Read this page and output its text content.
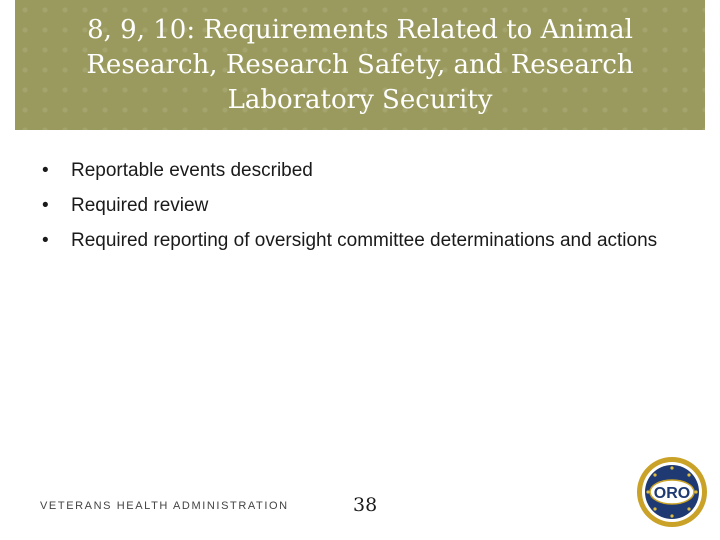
8, 9, 10: Requirements Related to Animal Research, Research Safety, and Research Laboratory Security
• Reportable events described
• Required review
• Required reporting of oversight committee determinations and actions
VETERANS HEALTH ADMINISTRATION	38
ORO
